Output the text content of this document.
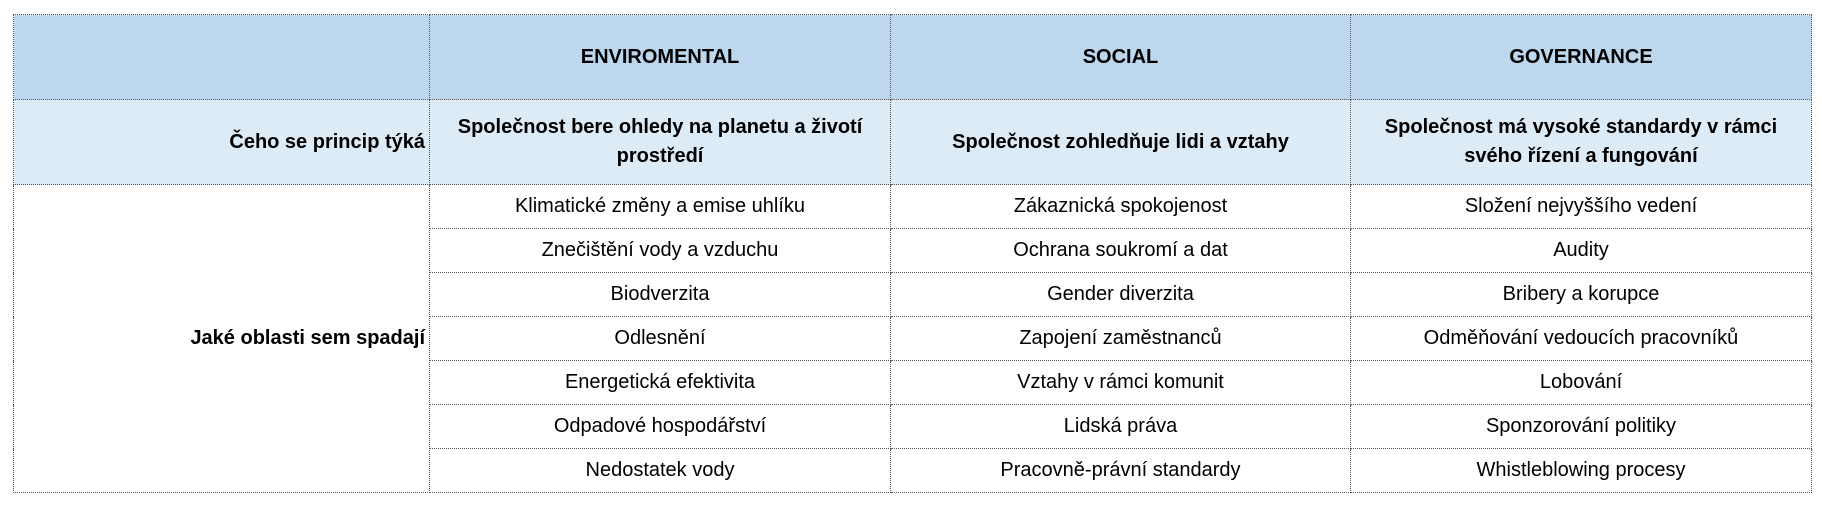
	ENVIROMENTAL	SOCIAL	GOVERNANCE
Čeho se princip týká	Společnost bere ohledy na planetu a životí prostředí	Společnost zohledňuje lidi a vztahy	Společnost má vysoké standardy v rámci svého řízení a fungování
Jaké oblasti sem spadají	Klimatické změny a emise uhlíku	Zákaznická spokojenost	Složení nejvyššího vedení
	Znečištění vody a vzduchu	Ochrana soukromí a dat	Audity
	Biodverzita	Gender diverzita	Bribery a korupce
	Odlesnění	Zapojení zaměstnanců	Odměňování vedoucích pracovníků
	Energetická efektivita	Vztahy v rámci komunit	Lobování
	Odpadové hospodářství	Lidská práva	Sponzorování politiky
	Nedostatek vody	Pracovně-právní standardy	Whistleblowing procesy
